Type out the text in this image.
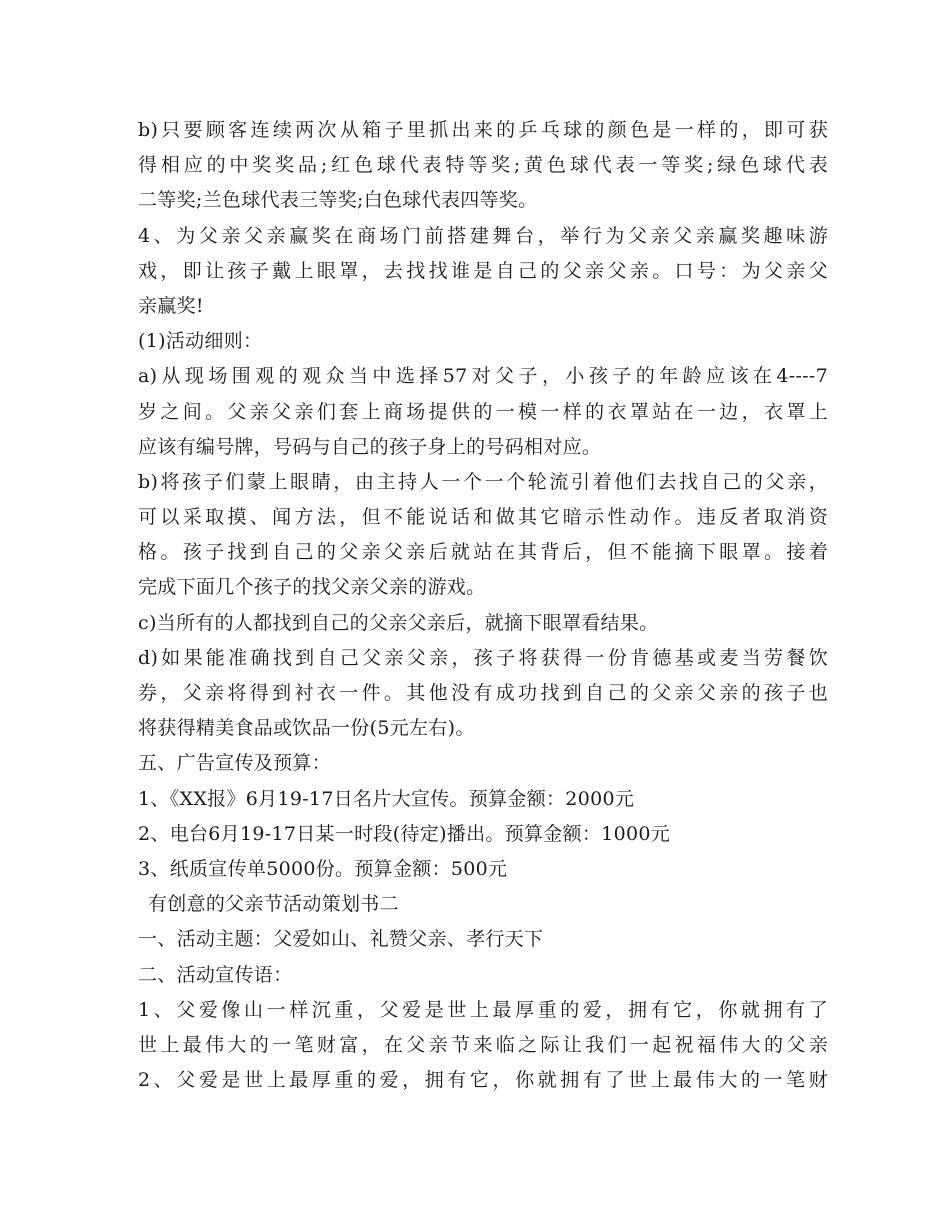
b)只要顾客连续两次从箱子里抓出来的乒乓球的颜色是一样的，即可获
得相应的中奖奖品;红色球代表特等奖;黄色球代表一等奖;绿色球代表
二等奖;兰色球代表三等奖;白色球代表四等奖。
4、为父亲父亲赢奖在商场门前搭建舞台，举行为父亲父亲赢奖趣味游
戏，即让孩子戴上眼罩，去找找谁是自己的父亲父亲。口号：为父亲父
亲赢奖!
(1)活动细则：
a)从现场围观的观众当中选择57对父子，小孩子的年龄应该在4----7
岁之间。父亲父亲们套上商场提供的一模一样的衣罩站在一边，衣罩上
应该有编号牌，号码与自己的孩子身上的号码相对应。
b)将孩子们蒙上眼睛，由主持人一个一个轮流引着他们去找自己的父亲，
可以采取摸、闻方法，但不能说话和做其它暗示性动作。违反者取消资
格。孩子找到自己的父亲父亲后就站在其背后，但不能摘下眼罩。接着
完成下面几个孩子的找父亲父亲的游戏。
c)当所有的人都找到自己的父亲父亲后，就摘下眼罩看结果。
d)如果能准确找到自己父亲父亲，孩子将获得一份肯德基或麦当劳餐饮
券，父亲将得到衬衣一件。其他没有成功找到自己的父亲父亲的孩子也
将获得精美食品或饮品一份(5元左右)。
五、广告宣传及预算：
1、《XX报》6月19-17日名片大宣传。预算金额：2000元
2、电台6月19-17日某一时段(待定)播出。预算金额：1000元
3、纸质宣传单5000份。预算金额：500元
有创意的父亲节活动策划书二
一、活动主题：父爱如山、礼赞父亲、孝行天下
二、活动宣传语：
1、父爱像山一样沉重，父爱是世上最厚重的爱，拥有它，你就拥有了
世上最伟大的一笔财富，在父亲节来临之际让我们一起祝福伟大的父亲
2、父爱是世上最厚重的爱，拥有它，你就拥有了世上最伟大的一笔财
